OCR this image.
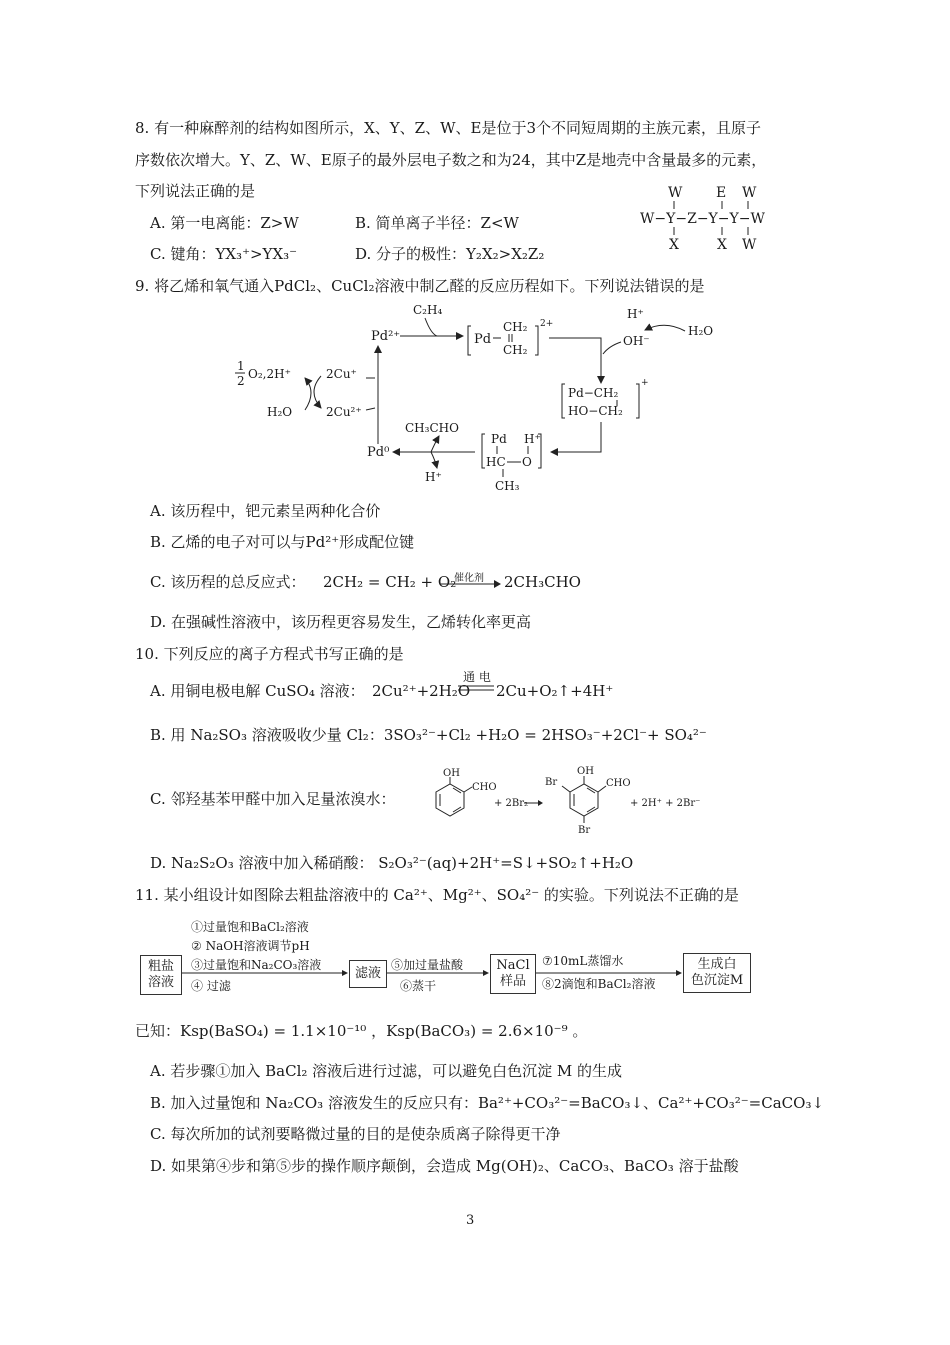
8. 有一种麻醉剂的结构如图所示，X、Y、Z、W、E是位于3个不同短周期的主族元素，且原子
序数依次增大。Y、Z、W、E原子的最外层电子数之和为24，其中Z是地壳中含量最多的元素，
下列说法正确的是
A. 第一电离能：Z>W	B. 简单离子半径：Z<W
C. 键角：YX₃⁺>YX₃⁻	D. 分子的极性：Y₂X₂>X₂Z₂
W E W
W−Y−Z−Y−Y−W
X	X W
9. 将乙烯和氧气通入PdCl₂、CuCl₂溶液中制乙醛的反应历程如下。下列说法错误的是
Pd²⁺
C₂H₄
Pd
CH₂
CH₂
2+
H⁺
OH⁻
H₂O
Pd−CH₂
HO−CH₂
+
Pd H⁺
HC O
CH₃
CH₃CHO
H⁺
Pd⁰
1
2 O₂,2H⁺
H₂O
2Cu⁺
2Cu²⁺
A. 该历程中，钯元素呈两种化合价
B. 乙烯的电子对可以与Pd²⁺形成配位键
C. 该历程的总反应式： 2CH₂ = CH₂ + O₂
催化剂 2CH₃CHO
D. 在强碱性溶液中，该历程更容易发生，乙烯转化率更高
10. 下列反应的离子方程式书写正确的是
A. 用铜电极电解 CuSO₄ 溶液： 2Cu²⁺+2H₂O
通 电
2Cu+O₂↑+4H⁺
B. 用 Na₂SO₃ 溶液吸收少量 Cl₂：3SO₃²⁻+Cl₂ +H₂O = 2HSO₃⁻+2Cl⁻+ SO₄²⁻
C. 邻羟基苯甲醛中加入足量浓溴水：
OH
CHO
+ 2Br₂
OH
Br	CHO
Br
+ 2H⁺ + 2Br⁻
D. Na₂S₂O₃ 溶液中加入稀硝酸： S₂O₃²⁻(aq)+2H⁺=S↓+SO₂↑+H₂O
11. 某小组设计如图除去粗盐溶液中的 Ca²⁺、Mg²⁺、SO₄²⁻ 的实验。下列说法不正确的是
粗盐
溶液
①过量饱和BaCl₂溶液
② NaOH溶液调节pH
③过量饱和Na₂CO₃溶液
④ 过滤
滤液
⑤加过量盐酸
⑥蒸干
NaCl
样品
⑦10mL蒸馏水
⑧2滴饱和BaCl₂溶液
生成白
色沉淀M
已知：Ksp(BaSO₄) = 1.1×10⁻¹⁰ ，Ksp(BaCO₃) = 2.6×10⁻⁹ 。
A. 若步骤①加入 BaCl₂ 溶液后进行过滤，可以避免白色沉淀 M 的生成
B. 加入过量饱和 Na₂CO₃ 溶液发生的反应只有：Ba²⁺+CO₃²⁻=BaCO₃↓、Ca²⁺+CO₃²⁻=CaCO₃↓
C. 每次所加的试剂要略微过量的目的是使杂质离子除得更干净
D. 如果第④步和第⑤步的操作顺序颠倒，会造成 Mg(OH)₂、CaCO₃、BaCO₃ 溶于盐酸
3
